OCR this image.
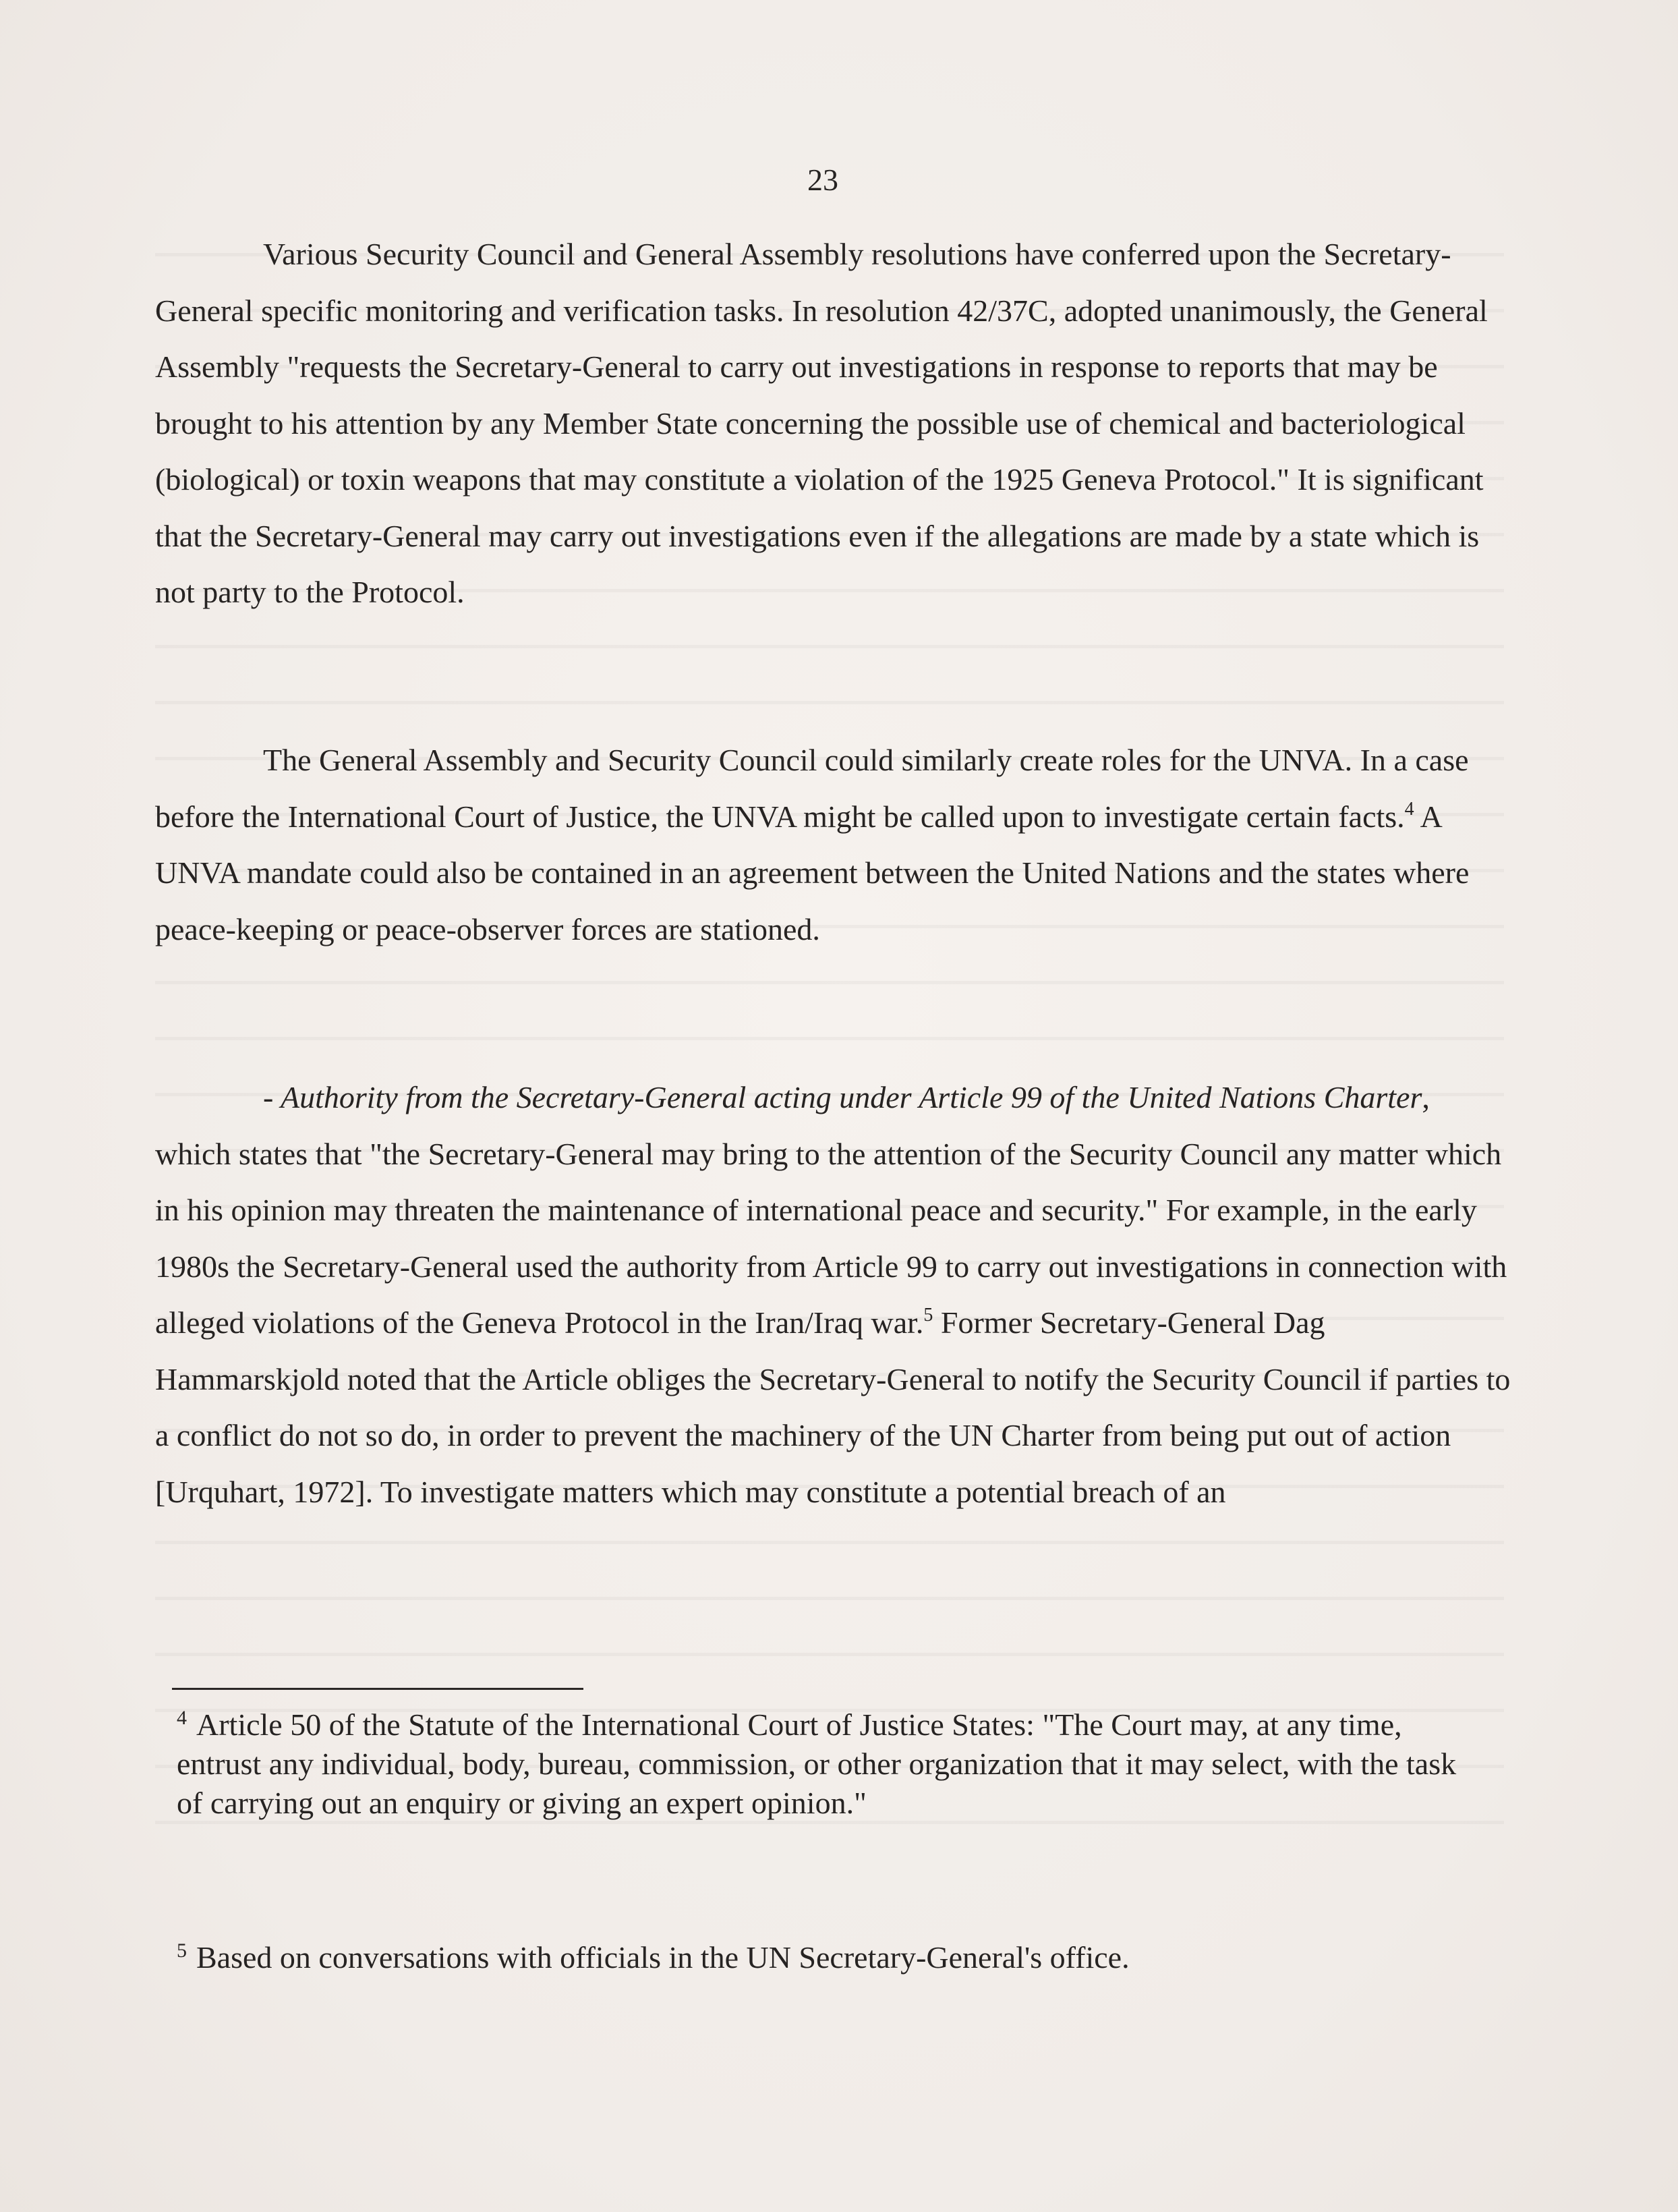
23

Various Security Council and General Assembly resolutions have conferred upon the Secretary-General specific monitoring and verification tasks. In resolution 42/37C, adopted unanimously, the General Assembly "requests the Secretary-General to carry out investigations in response to reports that may be brought to his attention by any Member State concerning the possible use of chemical and bacteriological (biological) or toxin weapons that may constitute a violation of the 1925 Geneva Protocol." It is significant that the Secretary-General may carry out investigations even if the allegations are made by a state which is not party to the Protocol.

The General Assembly and Security Council could similarly create roles for the UNVA. In a case before the International Court of Justice, the UNVA might be called upon to investigate certain facts.$^4$ A UNVA mandate could also be contained in an agreement between the United Nations and the states where peace-keeping or peace-observer forces are stationed.

- Authority from the Secretary-General acting under Article 99 of the United Nations Charter, which states that "the Secretary-General may bring to the attention of the Security Council any matter which in his opinion may threaten the maintenance of international peace and security." For example, in the early 1980s the Secretary-General used the authority from Article 99 to carry out investigations in connection with alleged violations of the Geneva Protocol in the Iran/Iraq war.$^5$ Former Secretary-General Dag Hammarskjold noted that the Article obliges the Secretary-General to notify the Security Council if parties to a conflict do not so do, in order to prevent the machinery of the UN Charter from being put out of action [Urquhart, 1972]. To investigate matters which may constitute a potential breach of an

$^4$ Article 50 of the Statute of the International Court of Justice States: "The Court may, at any time, entrust any individual, body, bureau, commission, or other organization that it may select, with the task of carrying out an enquiry or giving an expert opinion."

$^5$ Based on conversations with officials in the UN Secretary-General's office.
